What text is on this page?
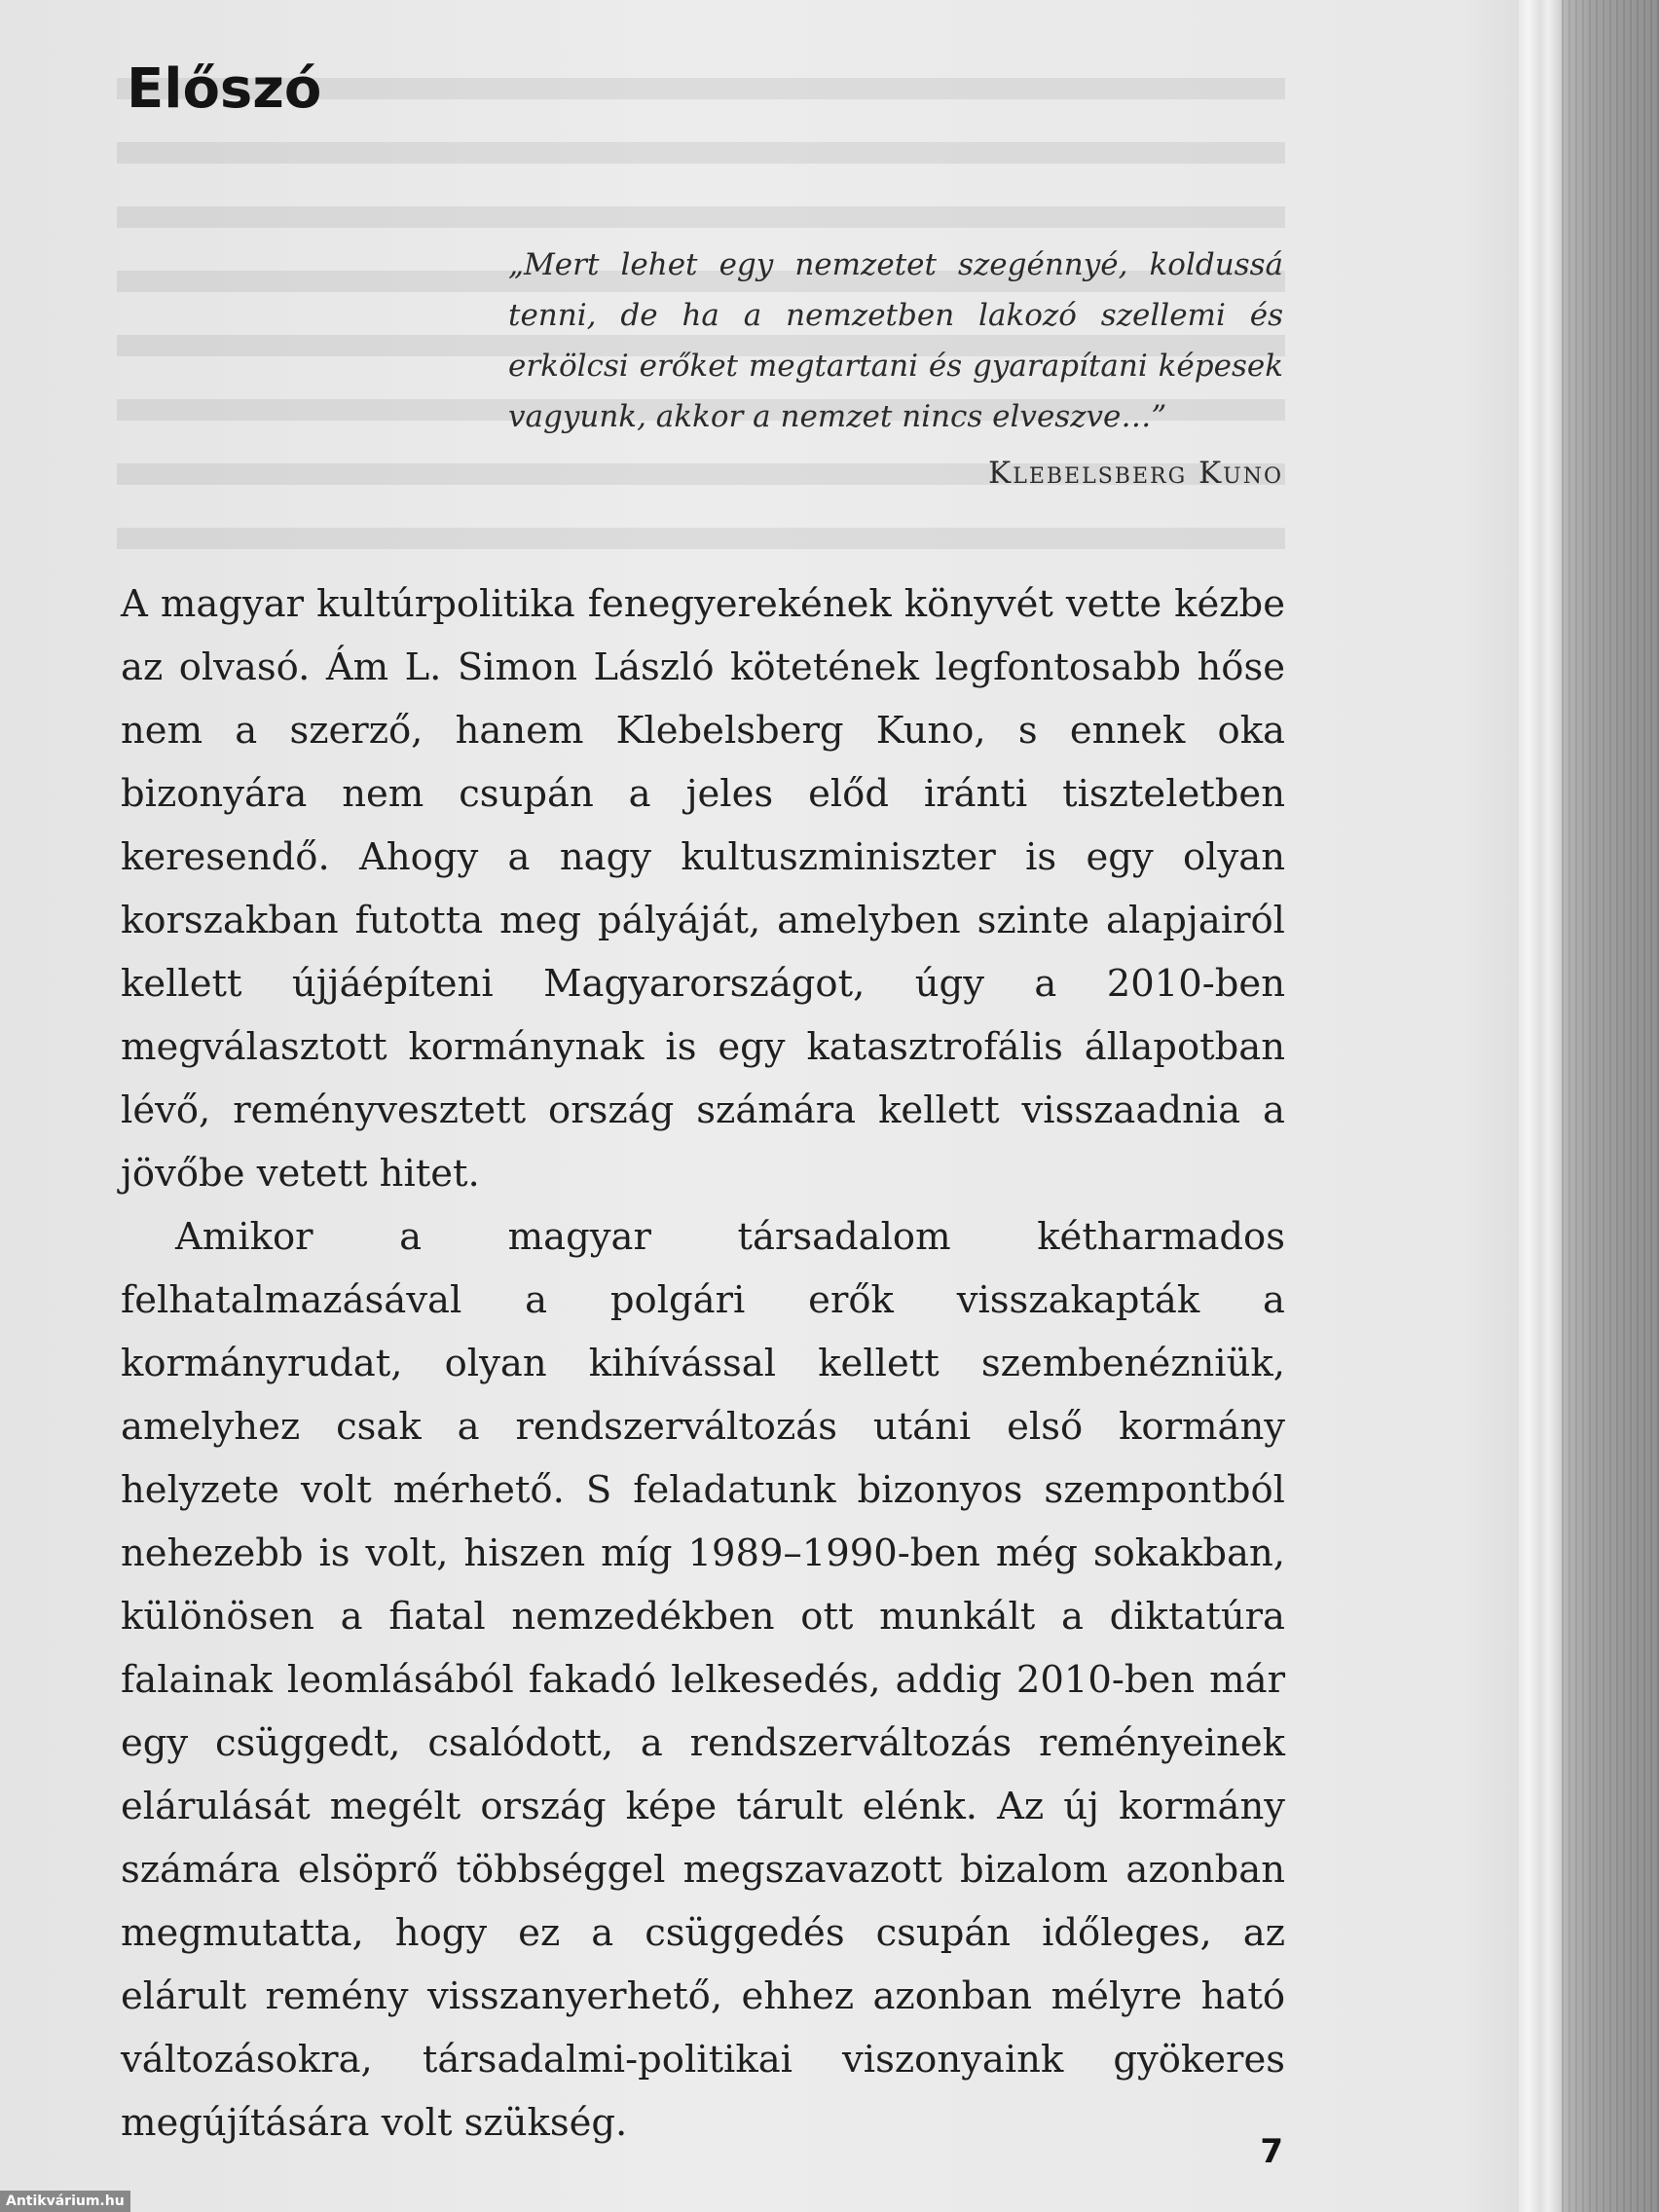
Előszó

„Mert lehet egy nemzetet szegénnyé, koldussá tenni, de ha a nemzetben lakozó szellemi és erkölcsi erőket megtartani és gyarapítani képesek vagyunk, akkor a nemzet nincs elveszve…”

Klebelsberg Kuno

A magyar kultúrpolitika fenegyerekének könyvét vette kézbe az olvasó. Ám L. Simon László kötetének legfontosabb hőse nem a szerző, hanem Klebelsberg Kuno, s ennek oka bizonyára nem csupán a jeles előd iránti tiszteletben keresendő. Ahogy a nagy kultuszminiszter is egy olyan korszakban futotta meg pályáját, amelyben szinte alapjairól kellett újjáépíteni Magyarországot, úgy a 2010-ben megválasztott kormánynak is egy katasztrofális állapotban lévő, reményvesztett ország számára kellett visszaadnia a jövőbe vetett hitet.

Amikor a magyar társadalom kétharmados felhatalmazásával a polgári erők visszakapták a kormányrudat, olyan kihívással kellett szembenézniük, amelyhez csak a rendszerváltozás utáni első kormány helyzete volt mérhető. S feladatunk bizonyos szempontból nehezebb is volt, hiszen míg 1989–1990-ben még sokakban, különösen a fiatal nemzedékben ott munkált a diktatúra falainak leomlásából fakadó lelkesedés, addig 2010-ben már egy csüggedt, csalódott, a rendszerváltozás reményeinek elárulását megélt ország képe tárult elénk. Az új kormány számára elsöprő többséggel megszavazott bizalom azonban megmutatta, hogy ez a csüggedés csupán időleges, az elárult remény visszanyerhető, ehhez azonban mélyre ható változásokra, társadalmi-politikai viszonyaink gyökeres megújítására volt szükség.

7
Antikvárium.hu
